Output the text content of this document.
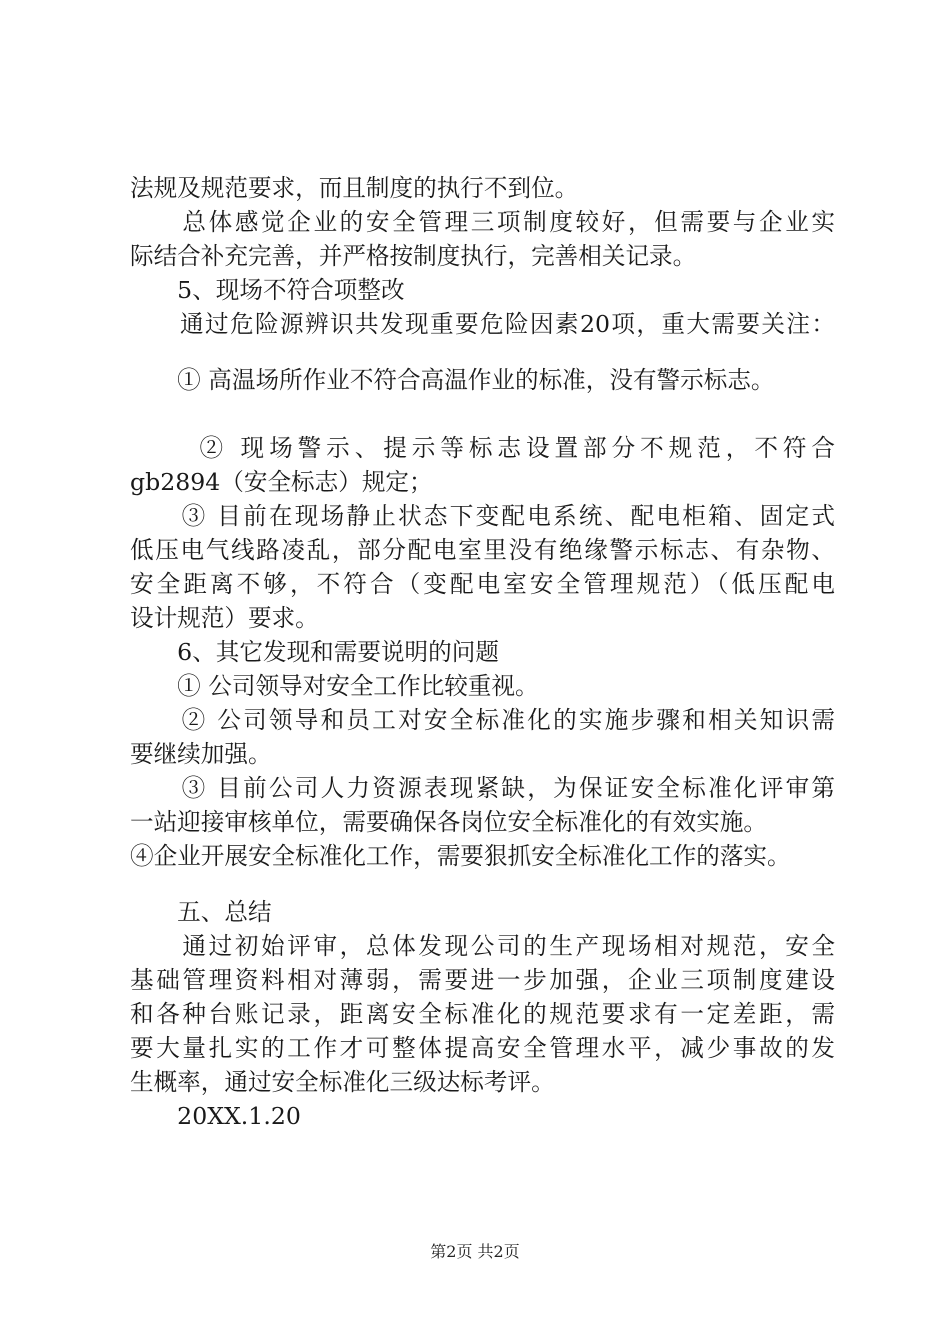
法规及规范要求，而且制度的执行不到位。

　　总体感觉企业的安全管理三项制度较好，但需要与企业实

际结合补充完善，并严格按制度执行，完善相关记录。

　　5、现场不符合项整改

　　通过危险源辨识共发现重要危险因素20项，重大需要关注：

　　① 高温场所作业不符合高温作业的标准，没有警示标志。

　　 ② 现场警示、提示等标志设置部分不规范，不符合

gb2894（安全标志）规定；

　　③ 目前在现场静止状态下变配电系统、配电柜箱、固定式

低压电气线路凌乱，部分配电室里没有绝缘警示标志、有杂物、

安全距离不够，不符合（变配电室安全管理规范）（低压配电

设计规范）要求。

　　6、其它发现和需要说明的问题

　　① 公司领导对安全工作比较重视。

　　② 公司领导和员工对安全标准化的实施步骤和相关知识需

要继续加强。

　　③ 目前公司人力资源表现紧缺，为保证安全标准化评审第

一站迎接审核单位，需要确保各岗位安全标准化的有效实施。

④企业开展安全标准化工作，需要狠抓安全标准化工作的落实。

　　五、总结

　　通过初始评审，总体发现公司的生产现场相对规范，安全

基础管理资料相对薄弱，需要进一步加强，企业三项制度建设

和各种台账记录，距离安全标准化的规范要求有一定差距，需

要大量扎实的工作才可整体提高安全管理水平，减少事故的发

生概率，通过安全标准化三级达标考评。

　　20XX.1.20

第2页 共2页
